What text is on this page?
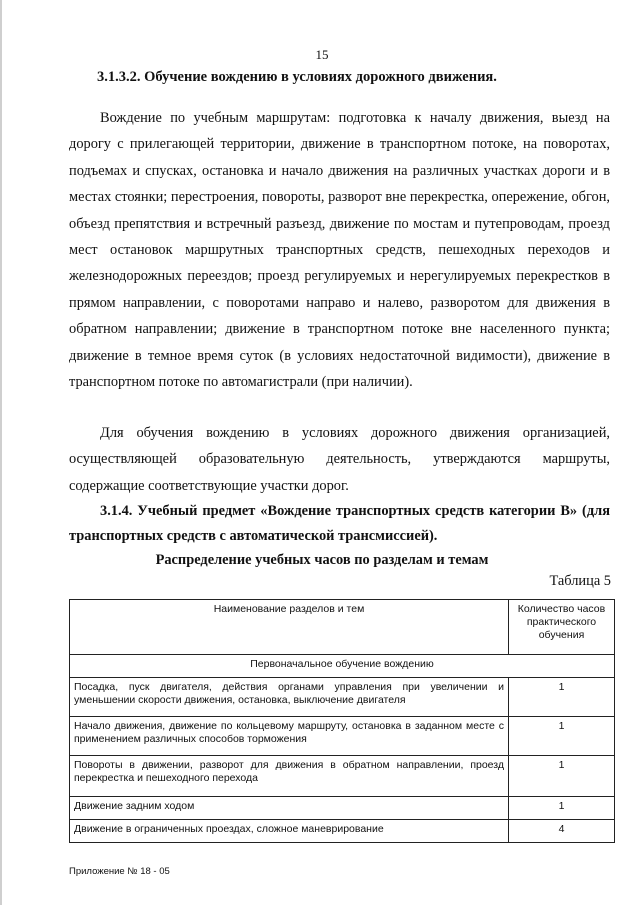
15
3.1.3.2. Обучение вождению в условиях дорожного движения.

Вождение по учебным маршрутам: подготовка к началу движения, выезд на дорогу с прилегающей территории, движение в транспортном потоке, на поворотах, подъемах и спусках, остановка и начало движения на различных участках дороги и в местах стоянки; перестроения, повороты, разворот вне перекрестка, опережение, обгон, объезд препятствия и встречный разъезд, движение по мостам и путепроводам, проезд мест остановок маршрутных транспортных средств, пешеходных переходов и железнодорожных переездов; проезд регулируемых и нерегулируемых перекрестков в прямом направлении, с поворотами направо и налево, разворотом для движения в обратном направлении; движение в транспортном потоке вне населенного пункта; движение в темное время суток (в условиях недостаточной видимости), движение в транспортном потоке по автомагистрали (при наличии).

Для обучения вождению в условиях дорожного движения организацией, осуществляющей образовательную деятельность, утверждаются маршруты, содержащие соответствующие участки дорог.

3.1.4. Учебный предмет «Вождение транспортных средств категории B» (для транспортных средств с автоматической трансмиссией).
Распределение учебных часов по разделам и темам
Таблица 5
Наименование разделов и тем	Количество часов практического обучения
Первоначальное обучение вождению	
Посадка, пуск двигателя, действия органами управления при увеличении и уменьшении скорости движения, остановка, выключение двигателя	1
Начало движения, движение по кольцевому маршруту, остановка в заданном месте с применением различных способов торможения	1
Повороты в движении, разворот для движения в обратном направлении, проезд перекрестка и пешеходного перехода	1
Движение задним ходом	1
Движение в ограниченных проездах, сложное маневрирование	4
Приложение № 18 - 05
